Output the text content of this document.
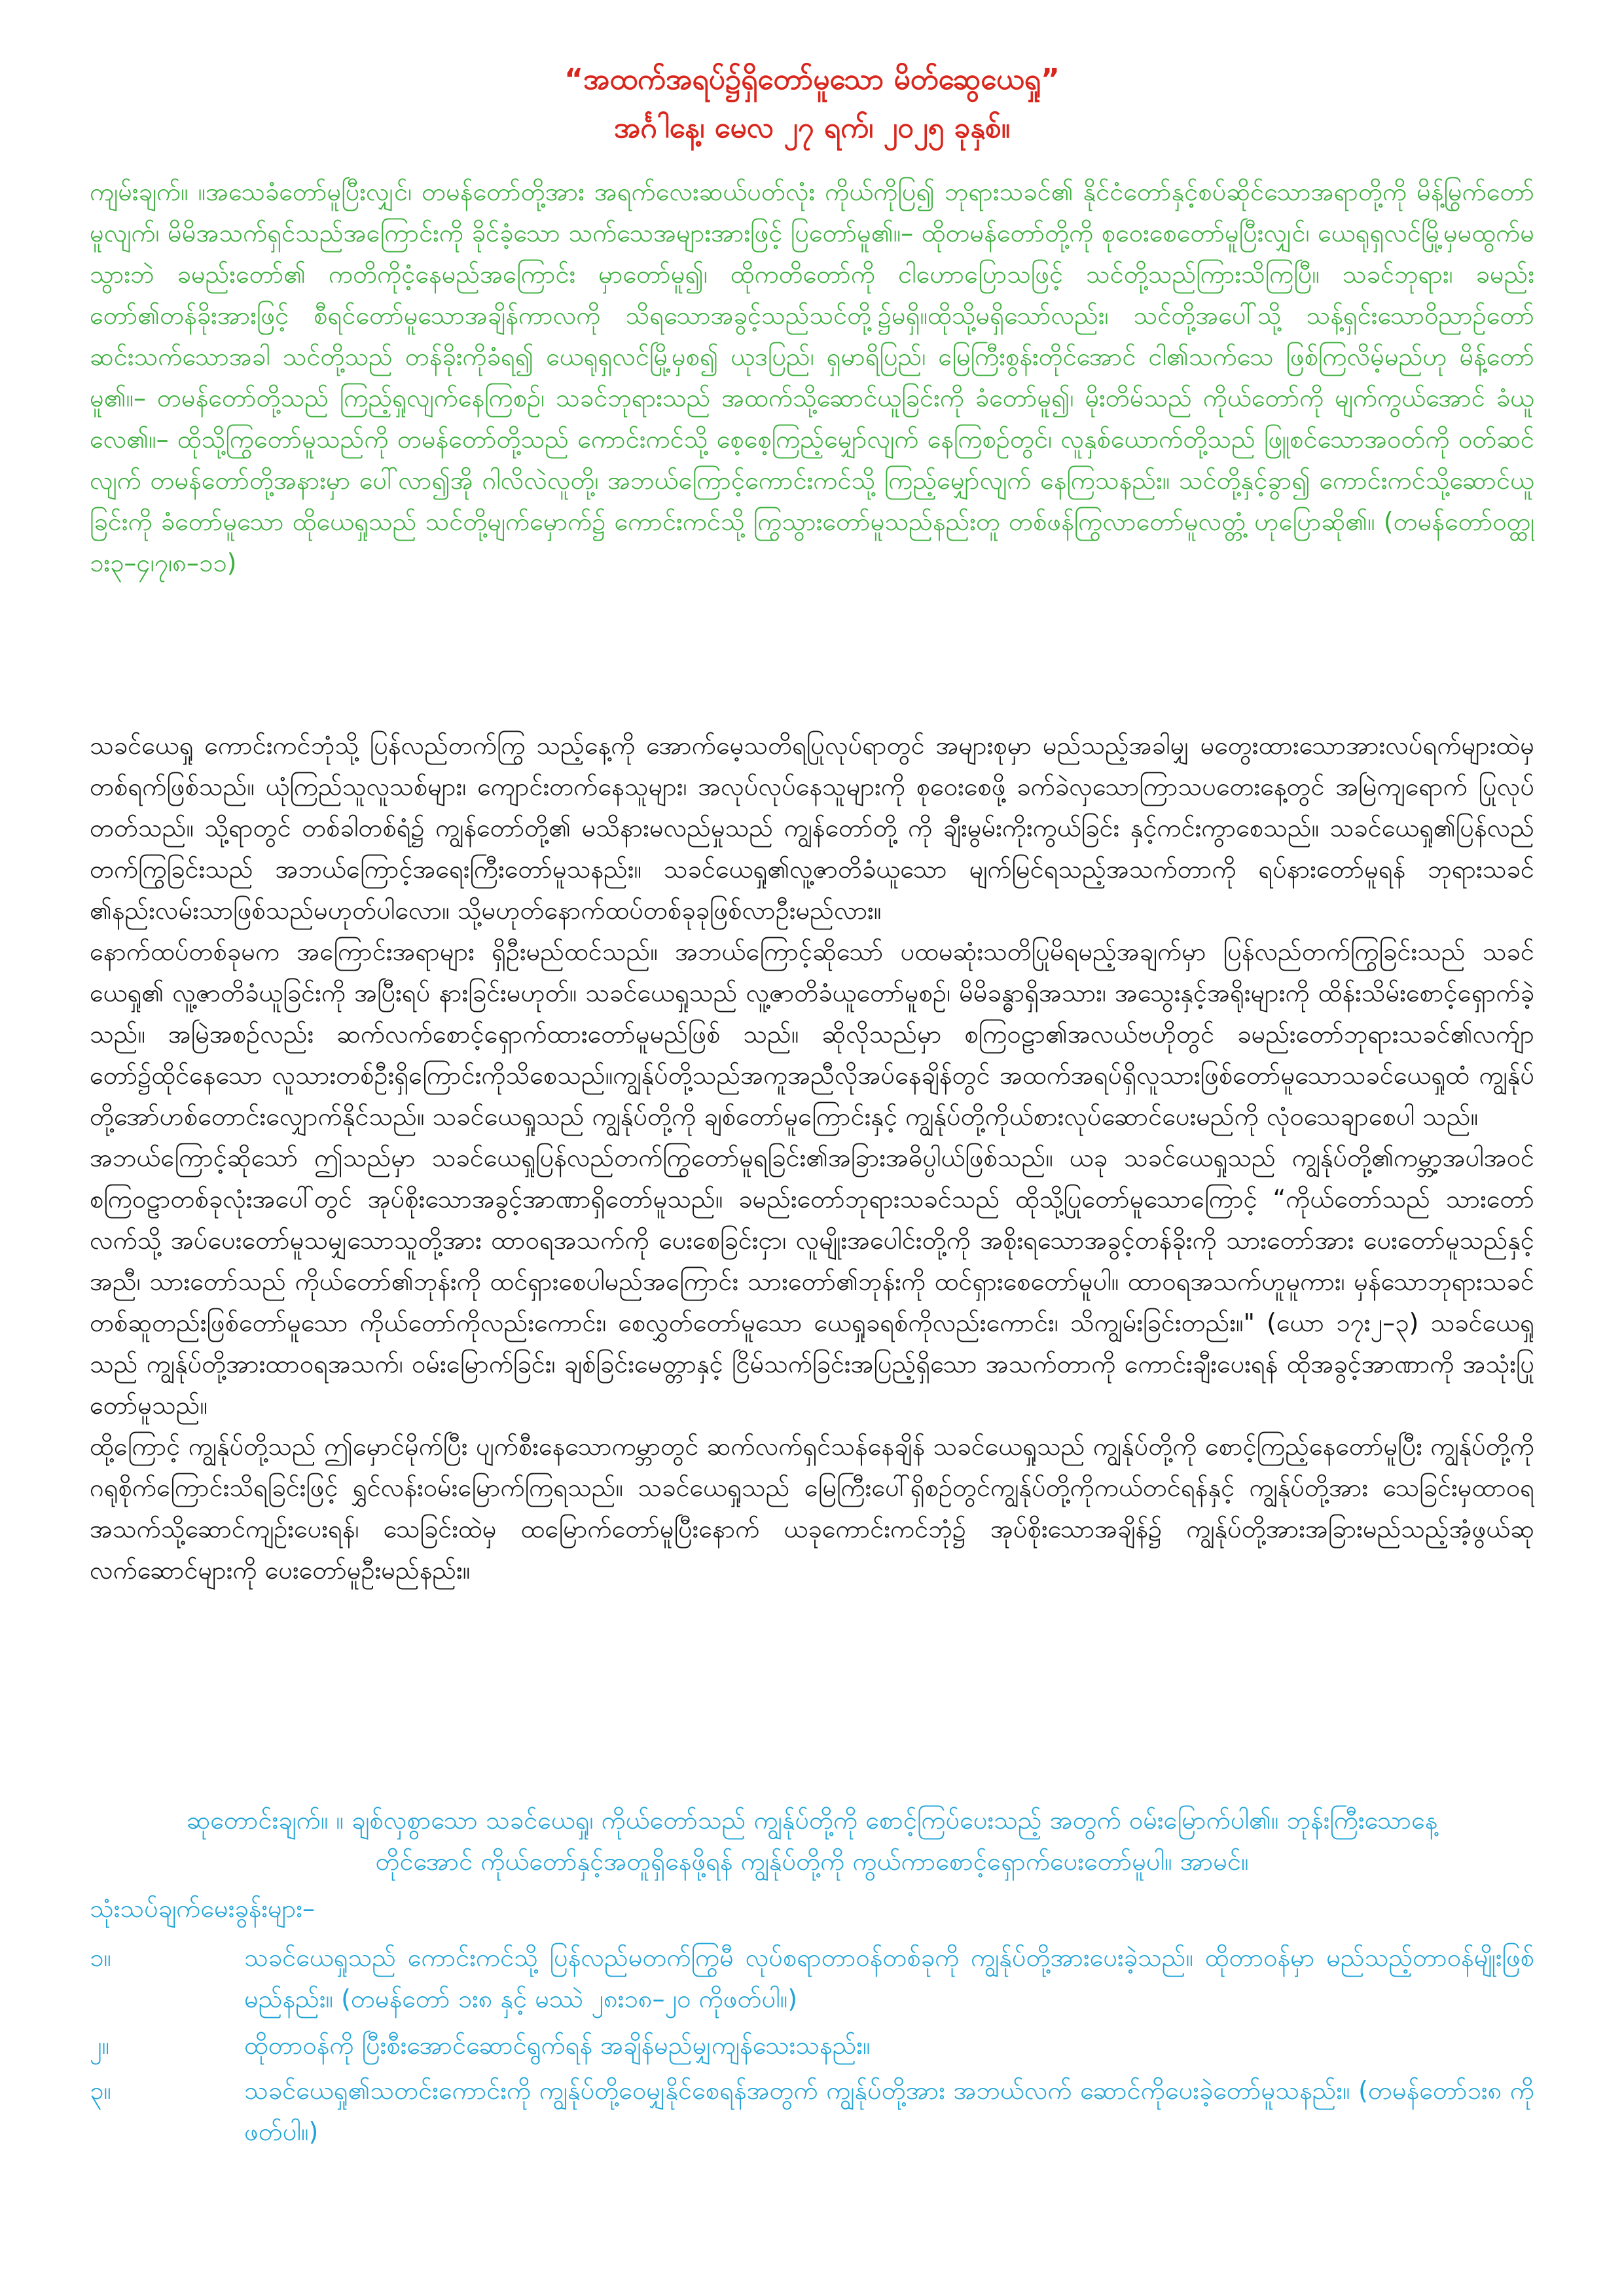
“အထက်အရပ်၌ရှိတော်မူသော မိတ်ဆွေယေရှု”
အင်္ဂါနေ့၊ မေလ ၂၇ ရက်၊ ၂၀၂၅ ခုနှစ်။

ကျမ်းချက်။ ။အသေခံတော်မူပြီးလျှင်၊ တမန်တော်တို့အား အရက်လေးဆယ်ပတ်လုံး ကိုယ်ကိုပြ၍ ဘုရားသခင်၏ နိုင်ငံတော်နှင့်စပ်ဆိုင်သောအရာတို့ကို မိန့်မြွက်တော်မူလျက်၊ မိမိအသက်ရှင်သည်အကြောင်းကို ခိုင်ခံ့သော သက်သေအများအားဖြင့် ပြတော်မူ၏။– ထိုတမန်တော်တို့ကို စုဝေးစေတော်မူပြီးလျှင်၊ ယေရုရှလင်မြို့မှမထွက်မသွားဘဲ ခမည်းတော်၏ ကတိကိုငံ့နေမည်အကြောင်း မှာတော်မူ၍၊ ထိုကတိတော်ကို ငါဟောပြောသဖြင့် သင်တို့သည်ကြားသိကြပြီ။ သခင်ဘုရား၊ ခမည်းတော်၏တန်ခိုးအားဖြင့် စီရင်တော်မူသောအချိန်ကာလကို သိရသောအခွင့်သည်သင်တို့၌မရှိ။ထိုသို့မရှိသော်လည်း၊ သင်တို့အပေါ်သို့ သန့်ရှင်းသောဝိညာဉ်တော် ဆင်းသက်သောအခါ သင်တို့သည် တန်ခိုးကိုခံရ၍ ယေရုရှလင်မြို့မှစ၍ ယုဒပြည်၊ ရှမာရိပြည်၊ မြေကြီးစွန်းတိုင်အောင် ငါ၏သက်သေ ဖြစ်ကြလိမ့်မည်ဟု မိန့်တော်မူ၏။– တမန်တော်တို့သည် ကြည့်ရှုလျက်နေကြစဉ်၊ သခင်ဘုရားသည် အထက်သို့ဆောင်ယူခြင်းကို ခံတော်မူ၍၊ မိုးတိမ်သည် ကိုယ်တော်ကို မျက်ကွယ်အောင် ခံယူလေ၏။– ထိုသို့ကြွတော်မူသည်ကို တမန်တော်တို့သည် ကောင်းကင်သို့ စေ့စေ့ကြည့်မျှော်လျက် နေကြစဉ်တွင်၊ လူနှစ်ယောက်တို့သည် ဖြူစင်သောအဝတ်ကို ဝတ်ဆင်လျက် တမန်တော်တို့အနားမှာ ပေါ်လာ၍အို ဂါလိလဲလူတို့၊ အဘယ်ကြောင့်ကောင်းကင်သို့ ကြည့်မျှော်လျက် နေကြသနည်း။ သင်တို့နှင့်ခွာ၍ ကောင်းကင်သို့ဆောင်ယူခြင်းကို ခံတော်မူသော ထိုယေရှုသည် သင်တို့မျက်မှောက်၌ ကောင်းကင်သို့ ကြွသွားတော်မူသည်နည်းတူ တစ်ဖန်ကြွလာတော်မူလတ္တံ့ ဟုပြောဆို၏။ (တမန်တော်ဝတ္ထု ၁း၃–၄၊၇၊၈–၁၁)

သခင်ယေရှု ကောင်းကင်ဘုံသို့ ပြန်လည်တက်ကြွ သည့်နေ့ကို အောက်မေ့သတိရပြုလုပ်ရာတွင် အများစုမှာ မည်သည့်အခါမျှ မတွေးထားသောအားလပ်ရက်များထဲမှ တစ်ရက်ဖြစ်သည်။ ယုံကြည်သူလူသစ်များ၊ ကျောင်းတက်နေသူများ၊ အလုပ်လုပ်နေသူများကို စုဝေးစေဖို့ ခက်ခဲလှသောကြာသပတေးနေ့တွင် အမြဲကျရောက် ပြုလုပ်တတ်သည်။ သို့ရာတွင် တစ်ခါတစ်ရံ၌ ကျွန်တော်တို့၏ မသိနားမလည်မှုသည် ကျွန်တော်တို့ ကို ချီးမွမ်းကိုးကွယ်ခြင်း နှင့်ကင်းကွာစေသည်။ သခင်ယေရှု၏ပြန်လည်တက်ကြွခြင်းသည် အဘယ်ကြောင့်အရေးကြီးတော်မူသနည်း။ သခင်ယေရှု၏လူ့ဇာတိခံယူသော မျက်မြင်ရသည့်အသက်တာကို ရပ်နားတော်မူရန် ဘုရားသခင် ၏နည်းလမ်းသာဖြစ်သည်မဟုတ်ပါလော။ သို့မဟုတ်နောက်ထပ်တစ်ခုခုဖြစ်လာဦးမည်လား။

နောက်ထပ်တစ်ခုမက အကြောင်းအရာများ ရှိဦးမည်ထင်သည်။ အဘယ်ကြောင့်ဆိုသော် ပထမဆုံးသတိပြုမိရမည့်အချက်မှာ ပြန်လည်တက်ကြွခြင်းသည် သခင်ယေရှု၏ လူ့ဇာတိခံယူခြင်းကို အပြီးရပ် နားခြင်းမဟုတ်။ သခင်ယေရှုသည် လူ့ဇာတိခံယူတော်မူစဉ်၊ မိမိခန္ဓာရှိအသား၊ အသွေးနှင့်အရိုးများကို ထိန်းသိမ်းစောင့်ရှောက်ခဲ့သည်။ အမြဲအစဉ်လည်း ဆက်လက်စောင့်ရှောက်ထားတော်မူမည်ဖြစ် သည်။ ဆိုလိုသည်မှာ စကြဝဠာ၏အလယ်ဗဟိုတွင် ခမည်းတော်ဘုရားသခင်၏လက်ျာတော်၌ထိုင်နေသော လူသားတစ်ဦးရှိကြောင်းကိုသိစေသည်။ကျွန်ုပ်တို့သည်အကူအညီလိုအပ်နေချိန်တွင် အထက်အရပ်ရှိလူသားဖြစ်တော်မူသောသခင်ယေရှုထံ ကျွန်ုပ်တို့အော်ဟစ်တောင်းလျှောက်နိုင်သည်။ သခင်ယေရှုသည် ကျွန်ုပ်တို့ကို ချစ်တော်မူကြောင်းနှင့် ကျွန်ုပ်တို့ကိုယ်စားလုပ်ဆောင်ပေးမည်ကို လုံ၀သေချာစေပါ သည်။

အဘယ်ကြောင့်ဆိုသော် ဤသည်မှာ သခင်ယေရှုပြန်လည်တက်ကြွတော်မူရခြင်း၏အခြားအဓိပ္ပါယ်ဖြစ်သည်။ ယခု သခင်ယေရှုသည် ကျွန်ုပ်တို့၏ကမ္ဘာ့အပါအဝင် စကြဝဠာတစ်ခုလုံးအပေါ်တွင် အုပ်စိုးသောအခွင့်အာဏာရှိတော်မူသည်။ ခမည်းတော်ဘုရားသခင်သည် ထိုသို့ပြုတော်မူသောကြောင့် “ကိုယ်တော်သည် သားတော်လက်သို့ အပ်ပေးတော်မူသမျှသောသူတို့အား ထာဝရအသက်ကို ပေးစေခြင်းငှာ၊ လူမျိုးအပေါင်းတို့ကို အစိုးရသောအခွင့်တန်ခိုးကို သားတော်အား ပေးတော်မူသည်နှင့်အညီ၊ သားတော်သည် ကိုယ်တော်၏ဘုန်းကို ထင်ရှားစေပါမည်အကြောင်း သားတော်၏ဘုန်းကို ထင်ရှားစေတော်မူပါ။ ထာဝရအသက်ဟူမူကား၊ မှန်သောဘုရားသခင် တစ်ဆူတည်းဖြစ်တော်မူသော ကိုယ်တော်ကိုလည်းကောင်း၊ စေလွှတ်တော်မူသော ယေရှုခရစ်ကိုလည်းကောင်း၊ သိကျွမ်းခြင်းတည်း။" (ယော ၁၇း၂–၃) သခင်ယေရှုသည် ကျွန်ုပ်တို့အားထာဝရအသက်၊ ဝမ်းမြောက်ခြင်း၊ ချစ်ခြင်းမေတ္တာနှင့် ငြိမ်သက်ခြင်းအပြည့်ရှိသော အသက်တာကို ကောင်းချီးပေးရန် ထိုအခွင့်အာဏာကို အသုံးပြုတော်မူသည်။

ထို့ကြောင့် ကျွန်ုပ်တို့သည် ဤမှောင်မိုက်ပြီး ပျက်စီးနေသောကမ္ဘာတွင် ဆက်လက်ရှင်သန်နေချိန် သခင်ယေရှုသည် ကျွန်ုပ်တို့ကို စောင့်ကြည့်နေတော်မူပြီး ကျွန်ုပ်တို့ကို ဂရုစိုက်ကြောင်းသိရခြင်းဖြင့် ရွှင်လန်းဝမ်းမြောက်ကြရသည်။ သခင်ယေရှုသည် မြေကြီးပေါ်ရှိစဉ်တွင်ကျွန်ုပ်တို့ကိုကယ်တင်ရန်နှင့် ကျွန်ုပ်တို့အား သေခြင်းမှထာဝရအသက်သို့ဆောင်ကျဉ်းပေးရန်၊ သေခြင်းထဲမှ ထမြောက်တော်မူပြီးနောက် ယခုကောင်းကင်ဘုံ၌ အုပ်စိုးသောအချိန်၌ ကျွန်ုပ်တို့အားအခြားမည်သည့်အံ့ဖွယ်ဆုလက်ဆောင်များကို ပေးတော်မူဦးမည်နည်း။

ဆုတောင်းချက်။ ။ ချစ်လှစွာသော သခင်ယေရှု၊ ကိုယ်တော်သည် ကျွန်ုပ်တို့ကို စောင့်ကြပ်ပေးသည့် အတွက် ဝမ်းမြောက်ပါ၏။ ဘုန်းကြီးသောနေ့
တိုင်အောင် ကိုယ်တော်နှင့်အတူရှိနေဖို့ရန် ကျွန်ုပ်တို့ကို ကွယ်ကာစောင့်ရှောက်ပေးတော်မူပါ။ အာမင်။
သုံးသပ်ချက်မေးခွန်းများ–
၁။	သခင်ယေရှုသည် ကောင်းကင်သို့ ပြန်လည်မတက်ကြွမီ လုပ်စရာတာဝန်တစ်ခုကို ကျွန်ုပ်တို့အားပေးခဲ့သည်။ ထိုတာဝန်မှာ မည်သည့်တာဝန်မျိုးဖြစ်မည်နည်း။ (တမန်တော် ၁း၈ နှင့် မဿဲ ၂၈း၁၈–၂၀ ကိုဖတ်ပါ။)
၂။	ထိုတာဝန်ကို ပြီးစီးအောင်ဆောင်ရွက်ရန် အချိန်မည်မျှကျန်သေးသနည်း။
၃။	သခင်ယေရှု၏သတင်းကောင်းကို ကျွန်ုပ်တို့ဝေမျှနိုင်စေရန်အတွက် ကျွန်ုပ်တို့အား အဘယ်လက် ဆောင်ကိုပေးခဲ့တော်မူသနည်း။ (တမန်တော်၁း၈ ကိုဖတ်ပါ။)
